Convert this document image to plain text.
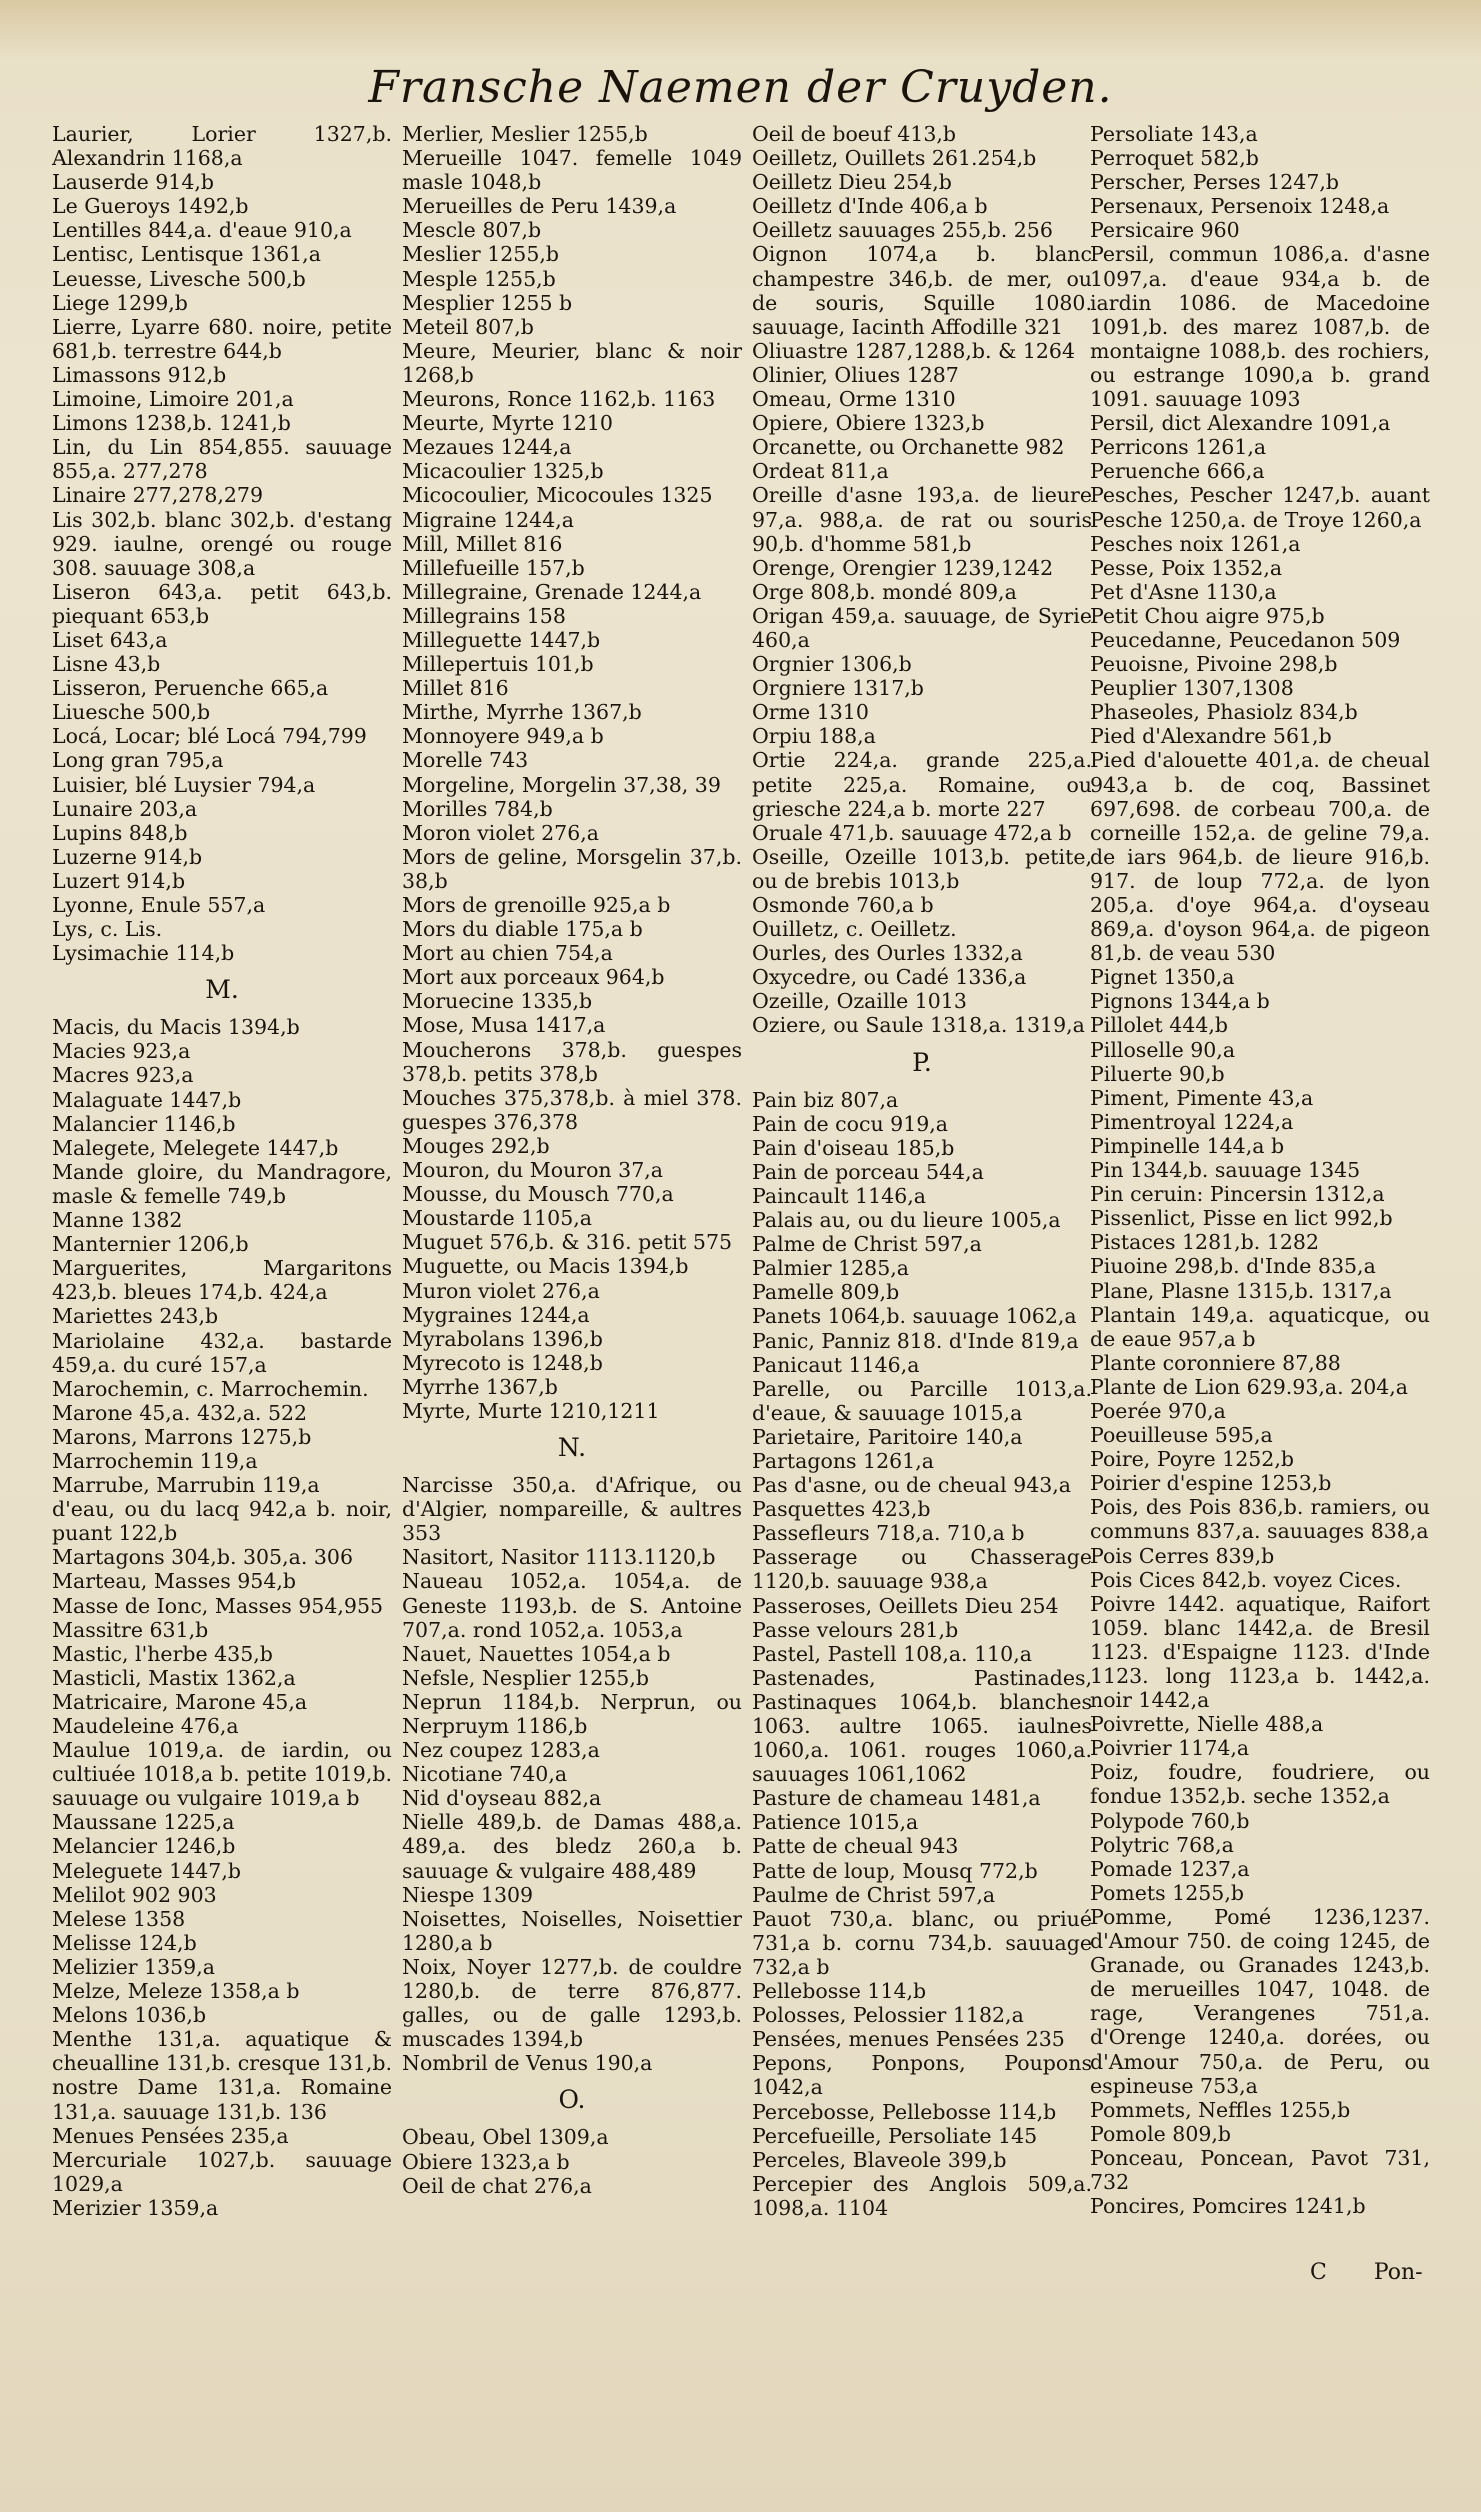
Fransche Naemen der Cruyden.

Laurier, Lorier 1327,b. Alexandrin 1168,a

Lauserde 914,b

Le Gueroys 1492,b

Lentilles 844,a. d'eaue 910,a

Lentisc, Lentisque 1361,a

Leuesse, Livesche 500,b

Liege 1299,b

Lierre, Lyarre 680. noire, petite 681,b. terrestre 644,b

Limassons 912,b

Limoine, Limoire 201,a

Limons 1238,b. 1241,b

Lin, du Lin 854,855. sauuage 855,a. 277,278

Linaire 277,278,279

Lis 302,b. blanc 302,b. d'estang 929. iaulne, orengé ou rouge 308. sauuage 308,a

Liseron 643,a. petit 643,b. piequant 653,b

Liset 643,a

Lisne 43,b

Lisseron, Peruenche 665,a

Liuesche 500,b

Locá, Locar; blé Locá 794,799

Long gran 795,a

Luisier, blé Luysier 794,a

Lunaire 203,a

Lupins 848,b

Luzerne 914,b

Luzert 914,b

Lyonne, Enule 557,a

Lys, c. Lis.

Lysimachie 114,b

M.

Macis, du Macis 1394,b

Macies 923,a

Macres 923,a

Malaguate 1447,b

Malancier 1146,b

Malegete, Melegete 1447,b

Mande gloire, du Mandragore, masle & femelle 749,b

Manne 1382

Manternier 1206,b

Marguerites, Margaritons 423,b. bleues 174,b. 424,a

Mariettes 243,b

Mariolaine 432,a. bastarde 459,a. du curé 157,a

Marochemin, c. Marrochemin.

Marone 45,a. 432,a. 522

Marons, Marrons 1275,b

Marrochemin 119,a

Marrube, Marrubin 119,a

d'eau, ou du lacq 942,a b. noir, puant 122,b

Martagons 304,b. 305,a. 306

Marteau, Masses 954,b

Masse de Ionc, Masses 954,955

Massitre 631,b

Mastic, l'herbe 435,b

Masticli, Mastix 1362,a

Matricaire, Marone 45,a

Maudeleine 476,a

Mauluе 1019,a. de iardin, ou cultiuée 1018,a b. petite 1019,b. sauuage ou vulgaire 1019,a b

Maussane 1225,a

Melancier 1246,b

Meleguete 1447,b

Melilot 902 903

Melese 1358

Melisse 124,b

Melizier 1359,a

Melze, Meleze 1358,a b

Melons 1036,b

Menthe 131,a. aquatique & cheualline 131,b. cresque 131,b. nostre Dame 131,a. Romaine 131,a. sauuage 131,b. 136

Menues Pensées 235,a

Mercuriale 1027,b. sauuage 1029,a

Merizier 1359,a

Merlier, Meslier 1255,b

Merueille 1047. femelle 1049 masle 1048,b

Merueilles de Peru 1439,a

Mescle 807,b

Meslier 1255,b

Mesple 1255,b

Mesplier 1255 b

Meteil 807,b

Meure, Meurier, blanc & noir 1268,b

Meurons, Ronce 1162,b. 1163

Meurte, Myrte 1210

Mezaues 1244,a

Micacoulier 1325,b

Micocoulier, Micocoules 1325

Migraine 1244,a

Mill, Millet 816

Millefueille 157,b

Millegraine, Grenade 1244,a

Millegrains 158

Milleguette 1447,b

Millepertuis 101,b

Millet 816

Mirthe, Myrrhe 1367,b

Monnoyere 949,a b

Morelle 743

Morgeline, Morgelin 37,38, 39

Morilles 784,b

Moron violet 276,a

Mors de geline, Morsgelin 37,b. 38,b

Mors de grenoille 925,a b

Mors du diable 175,a b

Mort au chien 754,a

Mort aux porceaux 964,b

Moruecine 1335,b

Mose, Musa 1417,a

Moucherons 378,b. guespes 378,b. petits 378,b

Mouches 375,378,b. à miel 378. guespes 376,378

Mouges 292,b

Mouron, du Mouron 37,a

Mousse, du Mousch 770,a

Moustarde 1105,a

Muguet 576,b. & 316. petit 575

Muguette, ou Macis 1394,b

Muron violet 276,a

Mygraines 1244,a

Myrabolans 1396,b

Myrecoto is 1248,b

Myrrhe 1367,b

Myrte, Murte 1210,1211

N.

Narcisse 350,a. d'Afrique, ou d'Algier, nompareille, & aultres 353

Nasitort, Nasitor 1113.1120,b

Naueau 1052,a. 1054,a. de Geneste 1193,b. de S. Antoine 707,a. rond 1052,a. 1053,a

Nauet, Nauettes 1054,a b

Nefsle, Nesplier 1255,b

Neprun 1184,b. Nerprun, ou Nerpruym 1186,b

Nez coupez 1283,a

Nicotiane 740,a

Nid d'oyseau 882,a

Nielle 489,b. de Damas 488,a. 489,a. des bledz 260,a b. sauuage & vulgaire 488,489

Niespe 1309

Noisettes, Noiselles, Noisettier 1280,a b

Noix, Noyer 1277,b. de couldre 1280,b. de terre 876,877. galles, ou de galle 1293,b. muscades 1394,b

Nombril de Venus 190,a

O.

Obeau, Obel 1309,a

Obiere 1323,a b

Oeil de chat 276,a

Oeil de boeuf 413,b

Oeilletz, Ouillets 261.254,b

Oeilletz Dieu 254,b

Oeilletz d'Inde 406,a b

Oeilletz sauuages 255,b. 256

Oignon 1074,a b. blanc champestre 346,b. de mer, ou de souris, Squille 1080. sauuage, Iacinth Affodille 321

Oliuastre 1287,1288,b. & 1264

Olinier, Oliues 1287

Omeau, Orme 1310

Opiere, Obiere 1323,b

Orcanette, ou Orchanette 982

Ordeat 811,a

Oreille d'asne 193,a. de lieure 97,a. 988,a. de rat ou souris 90,b. d'homme 581,b

Orenge, Orengier 1239,1242

Orge 808,b. mondé 809,a

Origan 459,a. sauuage, de Syrie 460,a

Orgnier 1306,b

Orgniere 1317,b

Orme 1310

Orpiu 188,a

Ortie 224,a. grande 225,a. petite 225,a. Romaine, ou griesche 224,a b. morte 227

Oruale 471,b. sauuage 472,a b

Oseille, Ozeille 1013,b. petite, ou de brebis 1013,b

Osmonde 760,a b

Ouilletz, c. Oeilletz.

Ourles, des Ourles 1332,a

Oxycedre, ou Cadé 1336,a

Ozeille, Ozaille 1013

Oziere, ou Saule 1318,a. 1319,a

P.

Pain biz 807,a

Pain de cocu 919,a

Pain d'oiseau 185,b

Pain de porceau 544,a

Paincault 1146,a

Palais au, ou du lieure 1005,a

Palme de Christ 597,a

Palmier 1285,a

Pamelle 809,b

Panets 1064,b. sauuage 1062,a

Panic, Panniz 818. d'Inde 819,a

Panicaut 1146,a

Parelle, ou Parcille 1013,a. d'eaue, & sauuage 1015,a

Parietaire, Paritoire 140,a

Partagons 1261,a

Pas d'asne, ou de cheual 943,a

Pasquettes 423,b

Passefleurs 718,a. 710,a b

Passerage ou Chasserage 1120,b. sauuage 938,a

Passeroses, Oeillets Dieu 254

Passe velours 281,b

Pastel, Pastell 108,a. 110,a

Pastenades, Pastinades, Pastinaques 1064,b. blanches 1063. aultre 1065. iaulnes 1060,a. 1061. rouges 1060,a. sauuages 1061,1062

Pasture de chameau 1481,a

Patience 1015,a

Patte de cheual 943

Patte de loup, Mousq 772,b

Paulme de Christ 597,a

Pauot 730,a. blanc, ou priué 731,a b. cornu 734,b. sauuage 732,a b

Pellebosse 114,b

Polosses, Pelossier 1182,a

Pensées, menues Pensées 235

Pepons, Ponpons, Poupons 1042,a

Percebosse, Pellebosse 114,b

Percefueille, Persoliate 145

Perceles, Blaveole 399,b

Percepier des Anglois 509,a. 1098,a. 1104

Persoliate 143,a

Perroquet 582,b

Perscher, Perses 1247,b

Persenaux, Persenoix 1248,a

Persicaire 960

Persil, commun 1086,a. d'asne 1097,a. d'eaue 934,a b. de iardin 1086. de Macedoine 1091,b. des marez 1087,b. de montaigne 1088,b. des rochiers, ou estrange 1090,a b. grand 1091. sauuage 1093

Persil, dict Alexandre 1091,a

Perricons 1261,a

Peruenche 666,a

Pesches, Pescher 1247,b. auant Pesche 1250,a. de Troye 1260,a

Pesches noix 1261,a

Pesse, Poix 1352,a

Pet d'Asne 1130,a

Petit Chou aigre 975,b

Peucedanne, Peucedanon 509

Peuoisne, Pivoine 298,b

Peuplier 1307,1308

Phaseoles, Phasiolz 834,b

Pied d'Alexandre 561,b

Pied d'alouette 401,a. de cheual 943,a b. de coq, Bassinet 697,698. de corbeau 700,a. de corneille 152,a. de geline 79,a. de iars 964,b. de lieure 916,b. 917. de loup 772,a. de lyon 205,a. d'oye 964,a. d'oyseau 869,a. d'oyson 964,a. de pigeon 81,b. de veau 530

Pignet 1350,a

Pignons 1344,a b

Pillolet 444,b

Pilloselle 90,a

Piluerte 90,b

Piment, Pimente 43,a

Pimentroyal 1224,a

Pimpinelle 144,a b

Pin 1344,b. sauuage 1345

Pin ceruin: Pincersin 1312,a

Pissenlict, Pisse en lict 992,b

Pistaces 1281,b. 1282

Piuoine 298,b. d'Inde 835,a

Plane, Plasne 1315,b. 1317,a

Plantain 149,a. aquaticque, ou de eaue 957,a b

Plante coronniere 87,88

Plante de Lion 629.93,a. 204,a

Poerée 970,a

Poeuilleuse 595,a

Poire, Poyre 1252,b

Poirier d'espine 1253,b

Pois, des Pois 836,b. ramiers, ou communs 837,a. sauuages 838,a

Pois Cerres 839,b

Pois Cices 842,b. voyez Cices.

Poivre 1442. aquatique, Raifort 1059. blanc 1442,a. de Bresil 1123. d'Espaigne 1123. d'Inde 1123. long 1123,a b. 1442,a. noir 1442,a

Poivrette, Nielle 488,a

Poivrier 1174,a

Poiz, foudre, foudriere, ou fondue 1352,b. seche 1352,a

Polypode 760,b

Polytric 768,a

Pomade 1237,a

Pomets 1255,b

Pomme, Pomé 1236,1237. d'Amour 750. de coing 1245, de Granade, ou Granades 1243,b. de merueilles 1047, 1048. de rage, Verangenes 751,a. d'Orenge 1240,a. dorées, ou d'Amour 750,a. de Peru, ou espineuse 753,a

Pommets, Neffles 1255,b

Pomole 809,b

Ponceau, Poncean, Pavot 731, 732

Poncires, Pomcires 1241,b

C Pon-
